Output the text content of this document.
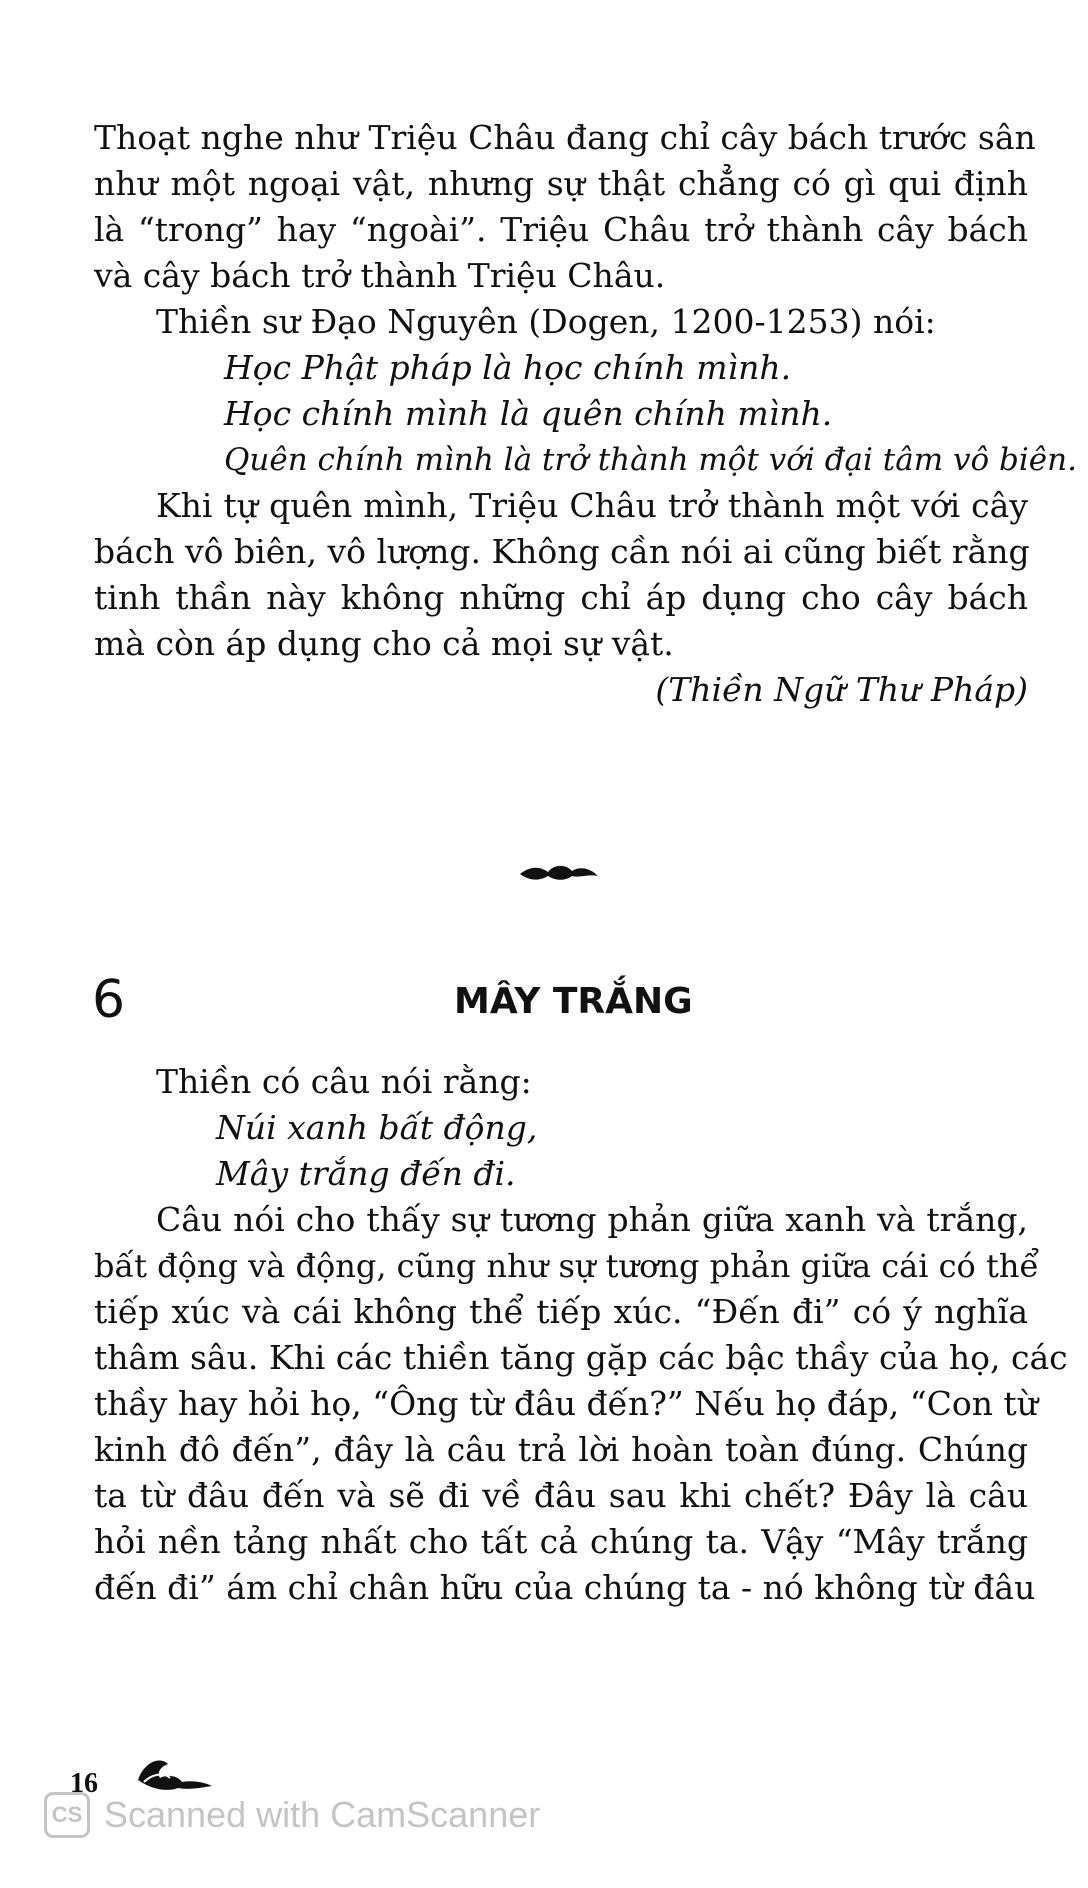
Thoạt nghe như Triệu Châu đang chỉ cây bách trước sân
như một ngoại vật, nhưng sự thật chẳng có gì qui định
là “trong” hay “ngoài”. Triệu Châu trở thành cây bách
và cây bách trở thành Triệu Châu.
Thiền sư Đạo Nguyên (Dogen, 1200-1253) nói:
Học Phật pháp là học chính mình.
Học chính mình là quên chính mình.
Quên chính mình là trở thành một với đại tâm vô biên.
Khi tự quên mình, Triệu Châu trở thành một với cây
bách vô biên, vô lượng. Không cần nói ai cũng biết rằng
tinh thần này không những chỉ áp dụng cho cây bách
mà còn áp dụng cho cả mọi sự vật.
(Thiền Ngữ Thư Pháp)
6	MÂY TRẮNG
Thiền có câu nói rằng:
Núi xanh bất động,
Mây trắng đến đi.
Câu nói cho thấy sự tương phản giữa xanh và trắng,
bất động và động, cũng như sự tương phản giữa cái có thể
tiếp xúc và cái không thể tiếp xúc. “Đến đi” có ý nghĩa
thâm sâu. Khi các thiền tăng gặp các bậc thầy của họ, các
thầy hay hỏi họ, “Ông từ đâu đến?” Nếu họ đáp, “Con từ
kinh đô đến”, đây là câu trả lời hoàn toàn đúng. Chúng
ta từ đâu đến và sẽ đi về đâu sau khi chết? Đây là câu
hỏi nền tảng nhất cho tất cả chúng ta. Vậy “Mây trắng
đến đi” ám chỉ chân hữu của chúng ta - nó không từ đâu
16
CS Scanned with CamScanner
